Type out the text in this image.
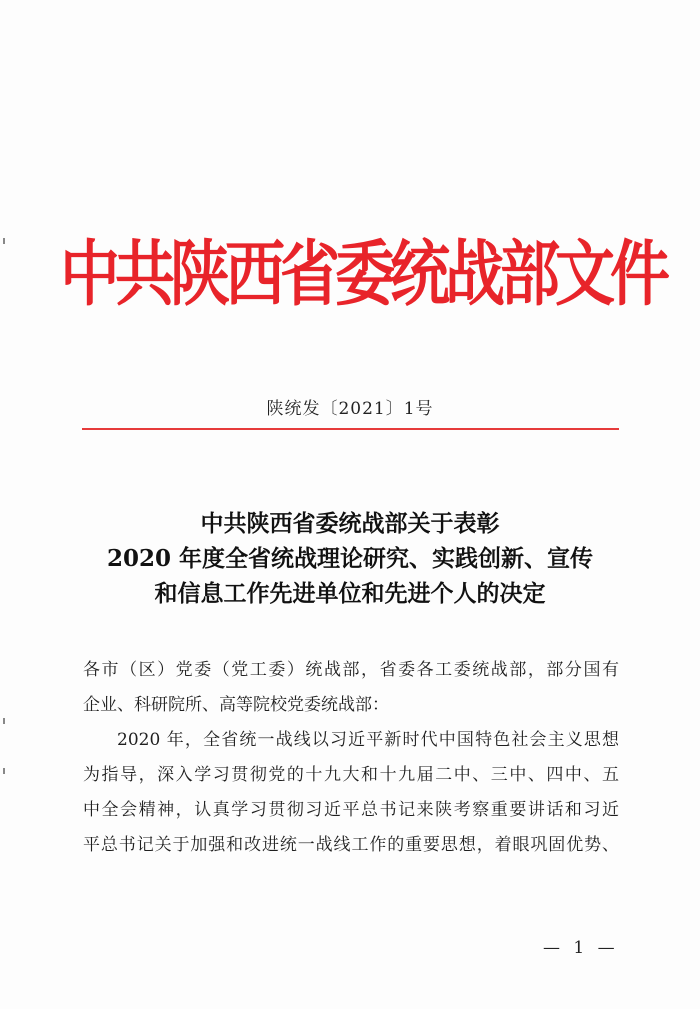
中共陕西省委统战部文件
陕统发〔2021〕1号
中共陕西省委统战部关于表彰
2020 年度全省统战理论研究、实践创新、宣传
和信息工作先进单位和先进个人的决定
各市（区）党委（党工委）统战部，省委各工委统战部，部分国有
企业、科研院所、高等院校党委统战部：
2020 年，全省统一战线以习近平新时代中国特色社会主义思想
为指导，深入学习贯彻党的十九大和十九届二中、三中、四中、五
中全会精神，认真学习贯彻习近平总书记来陕考察重要讲话和习近
平总书记关于加强和改进统一战线工作的重要思想，着眼巩固优势、
— 1 —
